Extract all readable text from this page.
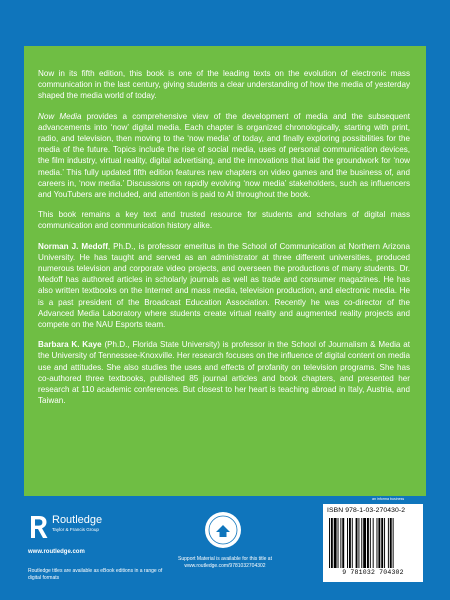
Now in its fifth edition, this book is one of the leading texts on the evolution of electronic mass communication in the last century, giving students a clear understanding of how the media of yesterday shaped the media world of today.

Now Media provides a comprehensive view of the development of media and the subsequent advancements into ‘now’ digital media. Each chapter is organized chronologically, starting with print, radio, and television, then moving to the ‘now media’ of today, and finally exploring possibilities for the media of the future. Topics include the rise of social media, uses of personal communication devices, the film industry, virtual reality, digital advertising, and the innovations that laid the groundwork for ‘now media.’ This fully updated fifth edition features new chapters on video games and the business of, and careers in, ‘now media.’ Discussions on rapidly evolving ‘now media’ stakeholders, such as influencers and YouTubers are included, and attention is paid to AI throughout the book.

This book remains a key text and trusted resource for students and scholars of digital mass communication and communication history alike.

Norman J. Medoff, Ph.D., is professor emeritus in the School of Communication at Northern Arizona University. He has taught and served as an administrator at three different universities, produced numerous television and corporate video projects, and overseen the productions of many students. Dr. Medoff has authored articles in scholarly journals as well as trade and consumer magazines. He has also written textbooks on the Internet and mass media, television production, and electronic media. He is a past president of the Broadcast Education Association. Recently he was co-director of the Advanced Media Laboratory where students create virtual reality and augmented reality projects and compete on the NAU Esports team.

Barbara K. Kaye (Ph.D., Florida State University) is professor in the School of Journalism & Media at the University of Tennessee-Knoxville. Her research focuses on the influence of digital content on media use and attitudes. She also studies the uses and effects of profanity on television programs. She has co-authored three textbooks, published 85 journal articles and book chapters, and presented her research at 110 academic conferences. But closest to her heart is teaching abroad in Italy, Austria, and Taiwan.

Routledge
Taylor & Francis Group
www.routledge.com
Routledge titles are available as eBook editions in a range of digital formats
Support Material is available for this title at www.routledge.com/9781032704302
an informa business
ISBN 978-1-03-270430-2
9 781032 704302
